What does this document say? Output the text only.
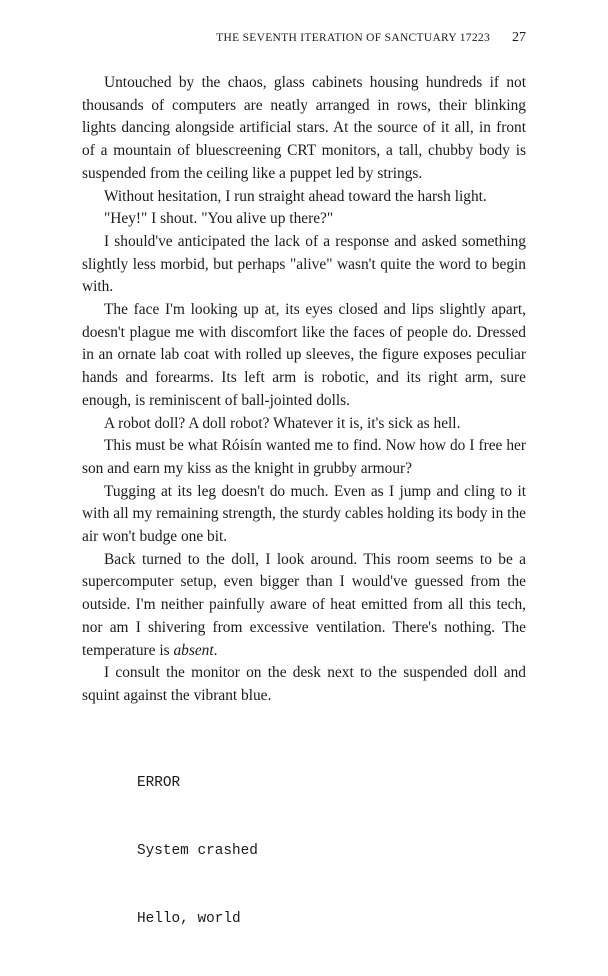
THE SEVENTH ITERATION OF SANCTUARY 17223 27

Untouched by the chaos, glass cabinets housing hundreds if not thousands of computers are neatly arranged in rows, their blinking lights dancing alongside artificial stars. At the source of it all, in front of a mountain of bluescreening CRT monitors, a tall, chubby body is suspended from the ceiling like a puppet led by strings.

Without hesitation, I run straight ahead toward the harsh light.

"Hey!" I shout. "You alive up there?"

I should've anticipated the lack of a response and asked something slightly less morbid, but perhaps "alive" wasn't quite the word to begin with.

The face I'm looking up at, its eyes closed and lips slightly apart, doesn't plague me with discomfort like the faces of people do. Dressed in an ornate lab coat with rolled up sleeves, the figure exposes peculiar hands and forearms. Its left arm is robotic, and its right arm, sure enough, is reminiscent of ball-jointed dolls.

A robot doll? A doll robot? Whatever it is, it's sick as hell.

This must be what Róisín wanted me to find. Now how do I free her son and earn my kiss as the knight in grubby armour?

Tugging at its leg doesn't do much. Even as I jump and cling to it with all my remaining strength, the sturdy cables holding its body in the air won't budge one bit.

Back turned to the doll, I look around. This room seems to be a supercomputer setup, even bigger than I would've guessed from the outside. I'm neither painfully aware of heat emitted from all this tech, nor am I shivering from excessive ventilation. There's nothing. The temperature is absent.

I consult the monitor on the desk next to the suspended doll and squint against the vibrant blue.

ERROR

System crashed

Hello, world
